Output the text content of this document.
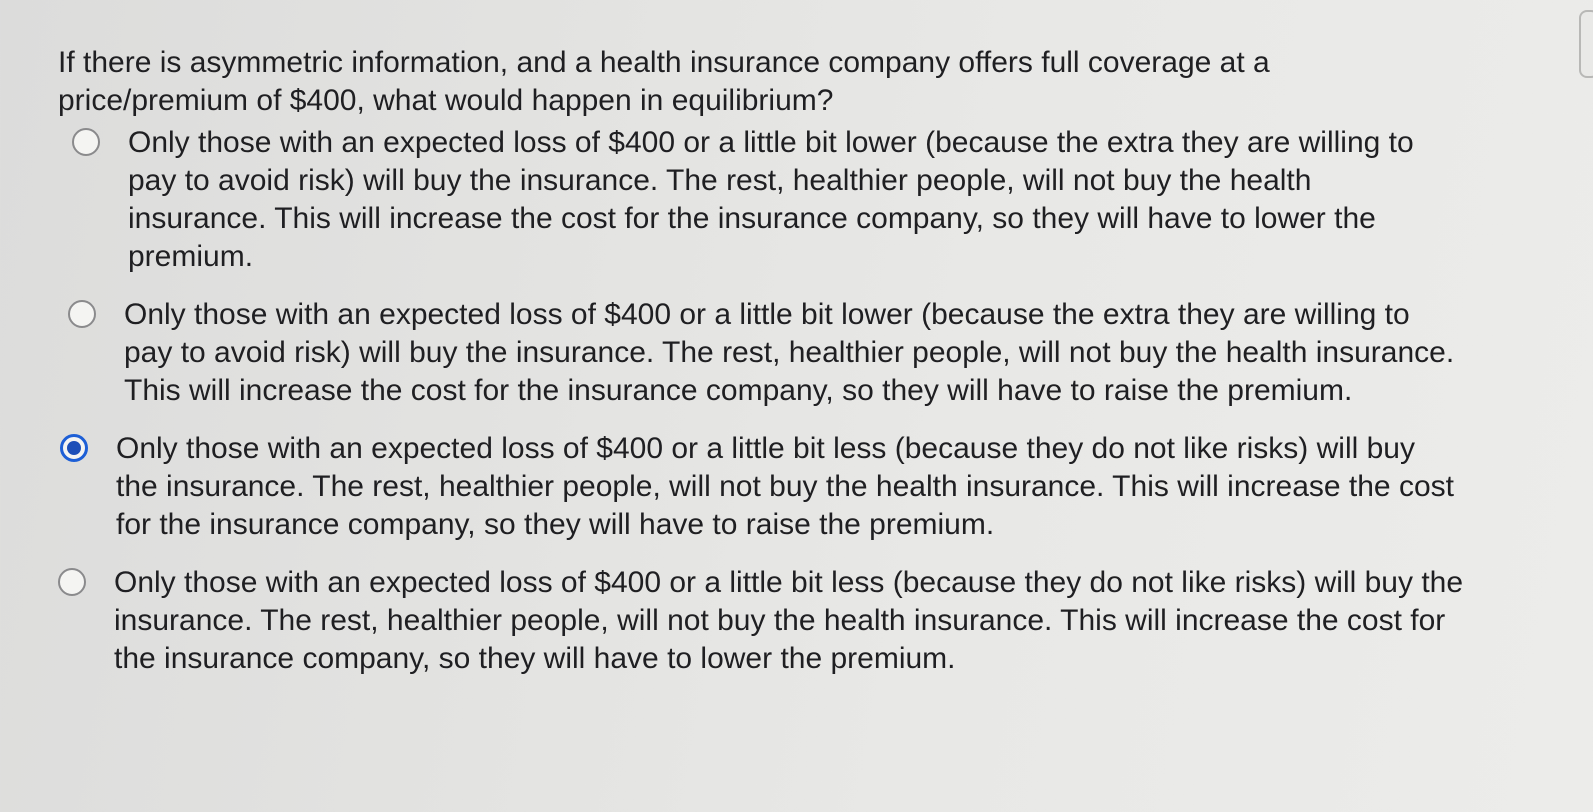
If there is asymmetric information, and a health insurance company offers full coverage at a price/premium of $400, what would happen in equilibrium?

Only those with an expected loss of $400 or a little bit lower (because the extra they are willing to pay to avoid risk) will buy the insurance. The rest, healthier people, will not buy the health insurance. This will increase the cost for the insurance company, so they will have to lower the premium.
Only those with an expected loss of $400 or a little bit lower (because the extra they are willing to pay to avoid risk) will buy the insurance. The rest, healthier people, will not buy the health insurance. This will increase the cost for the insurance company, so they will have to raise the premium.
Only those with an expected loss of $400 or a little bit less (because they do not like risks) will buy the insurance. The rest, healthier people, will not buy the health insurance. This will increase the cost for the insurance company, so they will have to raise the premium.
Only those with an expected loss of $400 or a little bit less (because they do not like risks) will buy the insurance. The rest, healthier people, will not buy the health insurance. This will increase the cost for the insurance company, so they will have to lower the premium.
